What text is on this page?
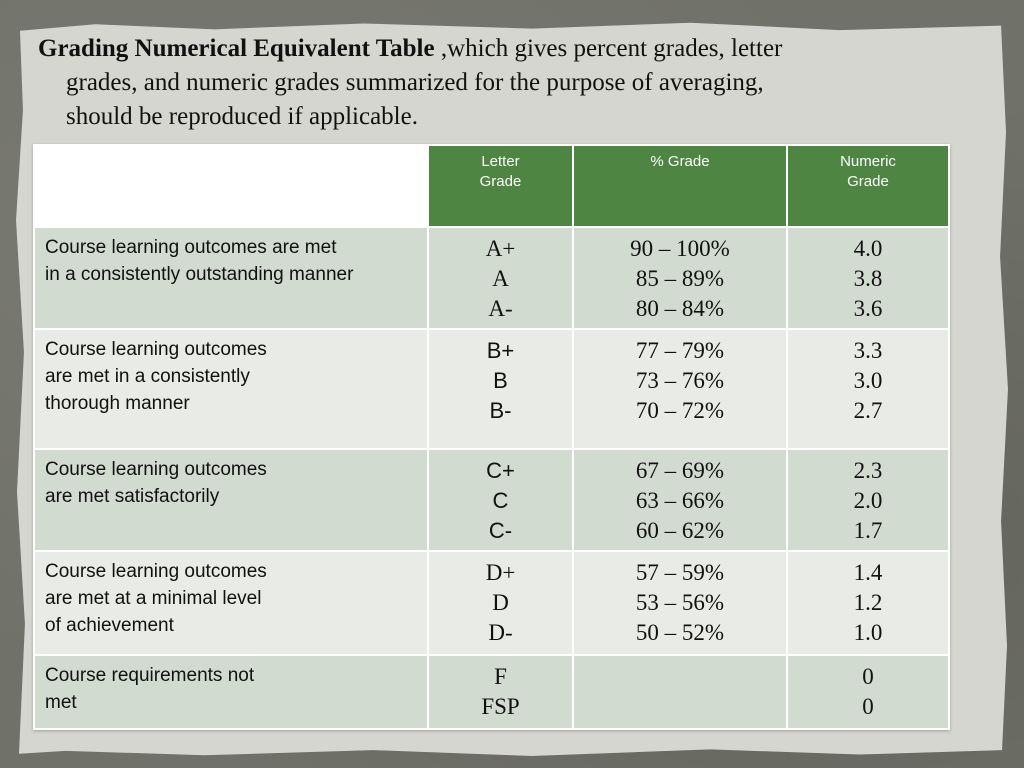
Grading Numerical Equivalent Table ,which gives percent grades, letter
grades, and numeric grades summarized for the purpose of averaging,
should be reproduced if applicable.

	Letter
Grade	% Grade	Numeric
Grade

Course learning outcomes are met
in a consistently outstanding manner	A+
A
A-	90 – 100%
85 – 89%
80 – 84%	4.0
3.8
3.6

Course learning outcomes
are met in a consistently
thorough manner	B+
B
B-	77 – 79%
73 – 76%
70 – 72%	3.3
3.0
2.7

Course learning outcomes
are met satisfactorily	C+
C
C-	67 – 69%
63 – 66%
60 – 62%	2.3
2.0
1.7

Course learning outcomes
are met at a minimal level
of achievement	D+
D
D-	57 – 59%
53 – 56%
50 – 52%	1.4
1.2
1.0

Course requirements not
met	F
FSP		0
0
